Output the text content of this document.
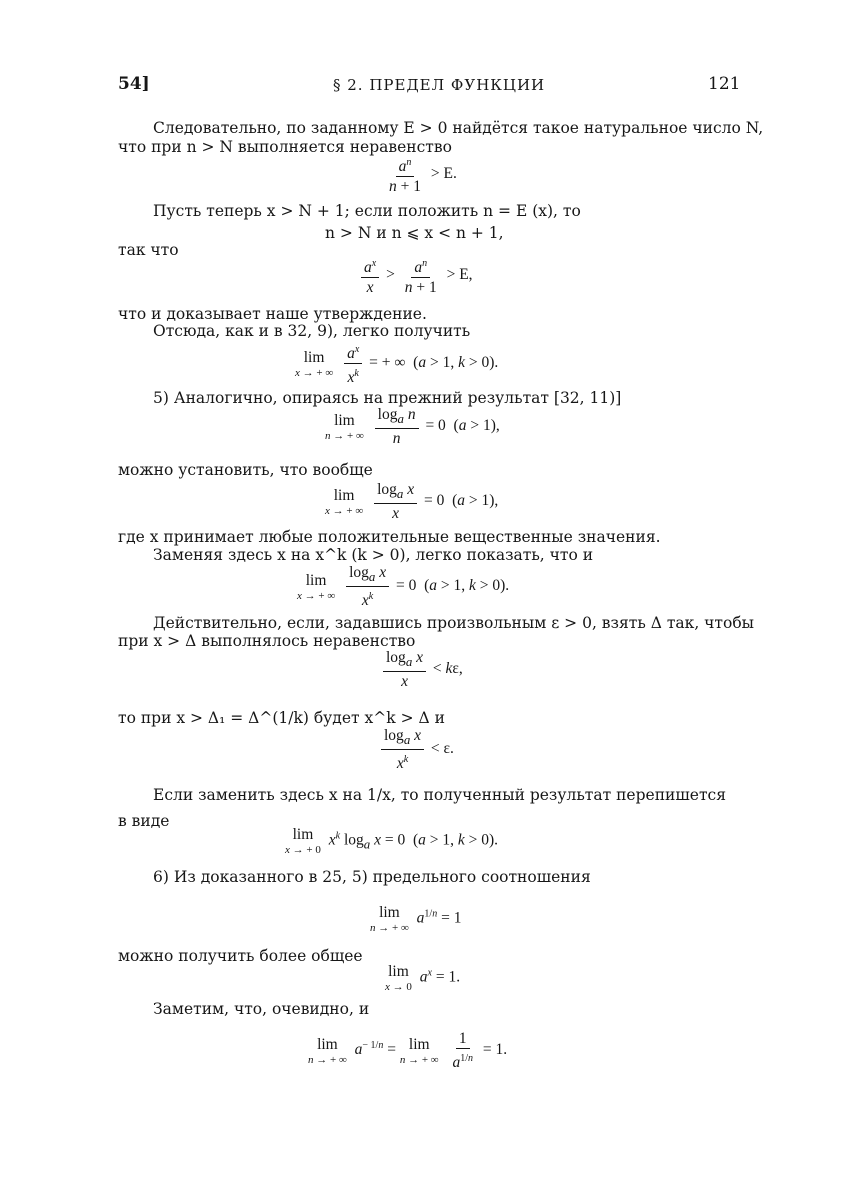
54]	§ 2. ПРЕДЕЛ ФУНКЦИИ	121
Следовательно, по заданному E > 0 найдётся такое натуральное число N,
что при n > N выполняется неравенство
$\frac{a^n}{n + 1} > E$.
Пусть теперь x > N + 1; если положить n = E (x), то
n > N и n ⩽ x < n + 1,
так что
$\frac{a^x}{x} > \frac{a^n}{n + 1} > E$,
что и доказывает наше утверждение.
Отсюда, как и в 32, 9), легко получить
lim
x → + ∞
$\frac{a^x}{x^k}$ = + ∞  (a > 1, k > 0).
5) Аналогично, опираясь на прежний результат [32, 11)]
lim
n → + ∞
$\frac{\log_a n}{n} = 0$  (a > 1),
можно установить, что вообще
lim
x → + ∞
$\frac{\log_a x}{x} = 0$  (a > 1),
где x принимает любые положительные вещественные значения.
Заменяя здесь x на x^k (k > 0), легко показать, что и
lim
x → + ∞
$\frac{\log_a x}{x^k} = 0$  (a > 1, k > 0).
Действительно, если, задавшись произвольным ε > 0, взять Δ так, чтобы
при x > Δ выполнялось неравенство
$\frac{\log_a x}{x} < k\varepsilon$,
то при x > Δ₁ = Δ^(1/k) будет x^k > Δ и
$\frac{\log_a x}{x^k} < \varepsilon$.
Если заменить здесь x на 1/x, то полученный результат перепишется
в виде
lim
x → + 0
$x^k$ $\log_a x = 0$  (a > 1, k > 0).
6) Из доказанного в 25, 5) предельного соотношения
lim
n → + ∞
$a^{1/n} = 1$
можно получить более общее
lim
x → 0
$a^x = 1$.
Заметим, что, очевидно, и
lim
n → + ∞
$a^{- 1/n} = \lim$
n → + ∞
$\frac{1}{a^{1/n}} = 1$.
